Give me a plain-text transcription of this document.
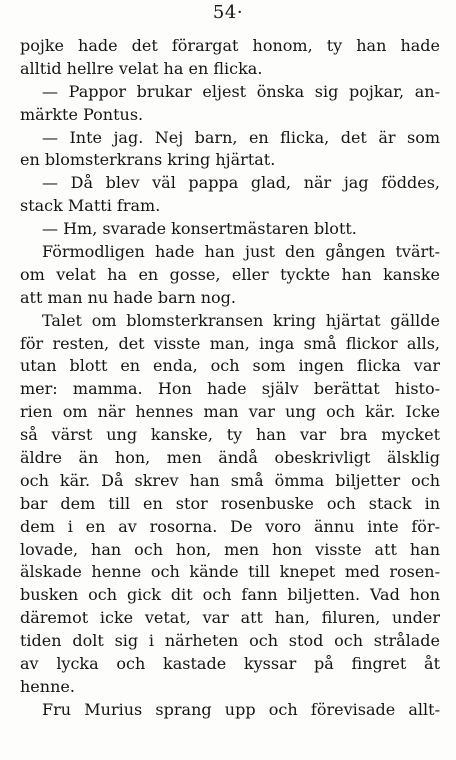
54·
pojke hade det förargat honom, ty han hade
alltid hellre velat ha en flicka.
— Pappor brukar eljest önska sig pojkar, an-
märkte Pontus.
— Inte jag. Nej barn, en flicka, det är som
en blomsterkrans kring hjärtat.
— Då blev väl pappa glad, när jag föddes,
stack Matti fram.
— Hm, svarade konsertmästaren blott.
Förmodligen hade han just den gången tvärt-
om velat ha en gosse, eller tyckte han kanske
att man nu hade barn nog.
Talet om blomsterkransen kring hjärtat gällde
för resten, det visste man, inga små flickor alls,
utan blott en enda, och som ingen flicka var
mer: mamma. Hon hade själv berättat histo-
rien om när hennes man var ung och kär. Icke
så värst ung kanske, ty han var bra mycket
äldre än hon, men ändå obeskrivligt älsklig
och kär. Då skrev han små ömma biljetter och
bar dem till en stor rosenbuske och stack in
dem i en av rosorna. De voro ännu inte för-
lovade, han och hon, men hon visste att han
älskade henne och kände till knepet med rosen-
busken och gick dit och fann biljetten. Vad hon
däremot icke vetat, var att han, filuren, under
tiden dolt sig i närheten och stod och strålade
av lycka och kastade kyssar på fingret åt
henne.
Fru Murius sprang upp och förevisade allt-
